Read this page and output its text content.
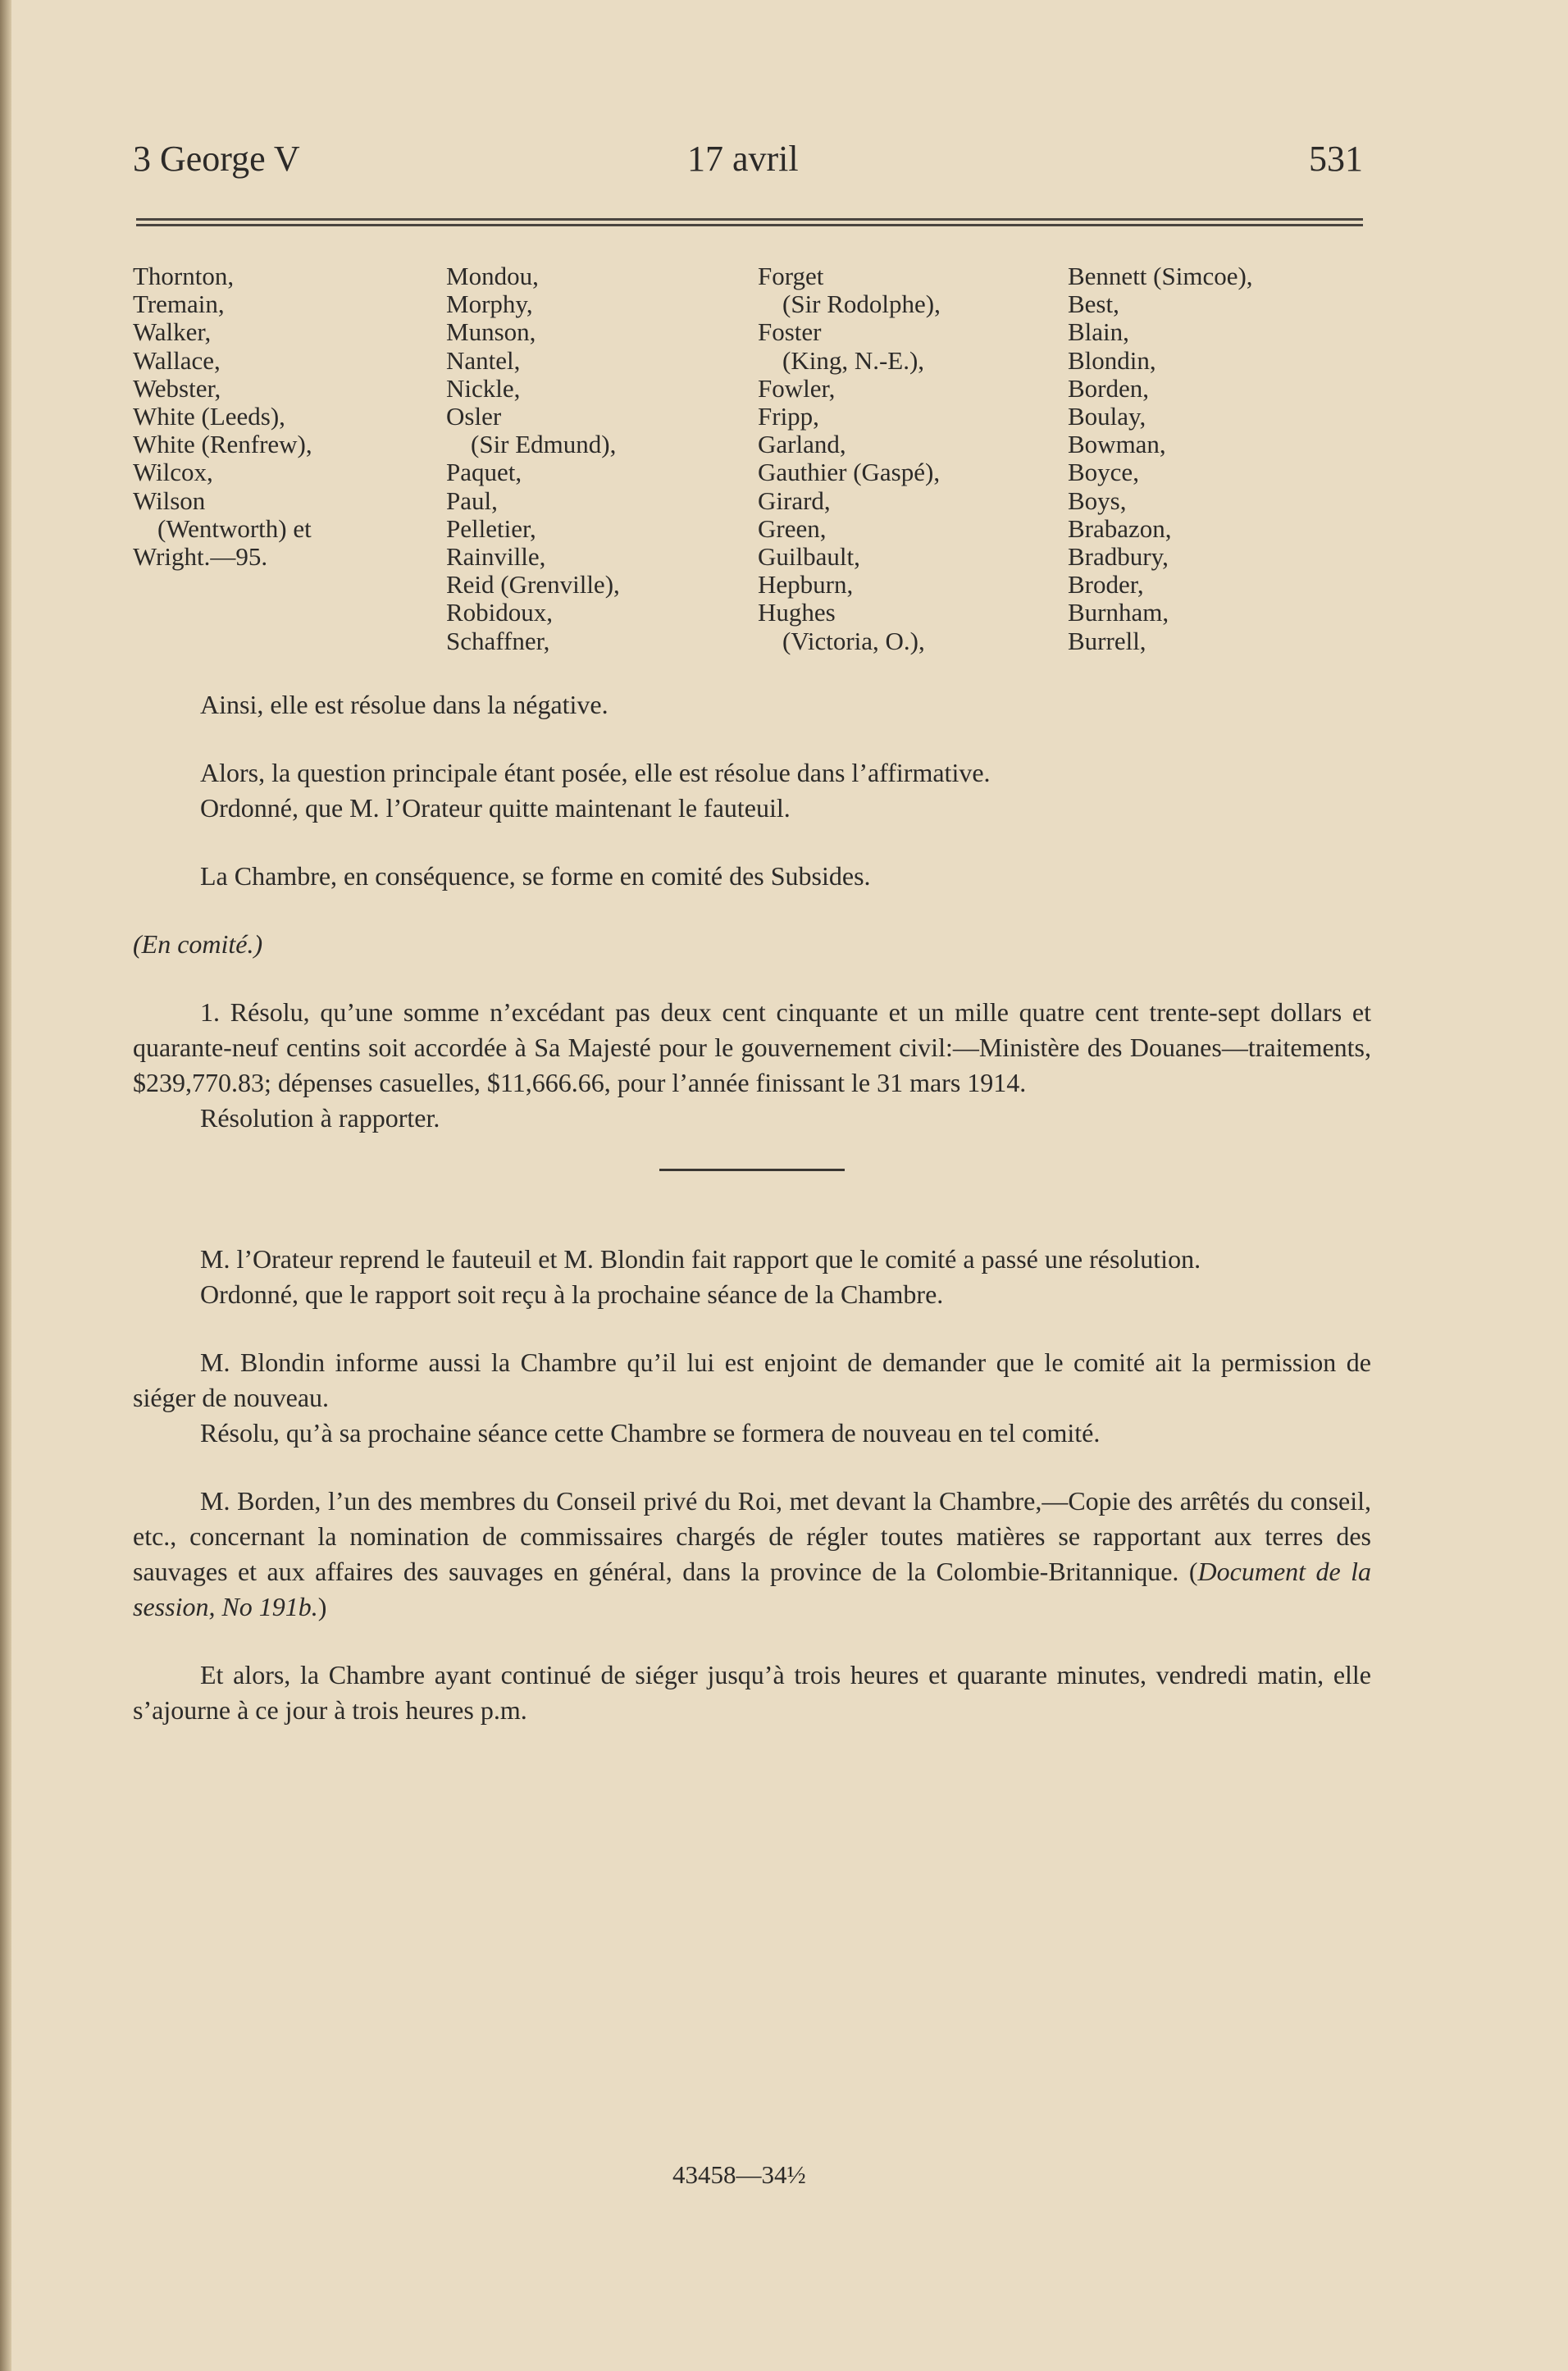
3 George V	17 avril	531
Thornton,
Tremain,
Walker,
Wallace,
Webster,
White (Leeds),
White (Renfrew),
Wilcox,
Wilson
(Wentworth) et
Wright.—95.
Mondou,
Morphy,
Munson,
Nantel,
Nickle,
Osler
(Sir Edmund),
Paquet,
Paul,
Pelletier,
Rainville,
Reid (Grenville),
Robidoux,
Schaffner,
Forget
(Sir Rodolphe),
Foster
(King, N.-E.),
Fowler,
Fripp,
Garland,
Gauthier (Gaspé),
Girard,
Green,
Guilbault,
Hepburn,
Hughes
(Victoria, O.),
Bennett (Simcoe),
Best,
Blain,
Blondin,
Borden,
Boulay,
Bowman,
Boyce,
Boys,
Brabazon,
Bradbury,
Broder,
Burnham,
Burrell,

Ainsi, elle est résolue dans la négative.

Alors, la question principale étant posée, elle est résolue dans l’affirmative.

Ordonné, que M. l’Orateur quitte maintenant le fauteuil.

La Chambre, en conséquence, se forme en comité des Subsides.

(En comité.)

1. Résolu, qu’une somme n’excédant pas deux cent cinquante et un mille quatre cent trente-sept dollars et quarante-neuf centins soit accordée à Sa Majesté pour le gouvernement civil:—Ministère des Douanes—traitements, $239,770.83; dépenses casuelles, $11,666.66, pour l’année finissant le 31 mars 1914.

Résolution à rapporter.

M. l’Orateur reprend le fauteuil et M. Blondin fait rapport que le comité a passé une résolution.

Ordonné, que le rapport soit reçu à la prochaine séance de la Chambre.

M. Blondin informe aussi la Chambre qu’il lui est enjoint de demander que le comité ait la permission de siéger de nouveau.

Résolu, qu’à sa prochaine séance cette Chambre se formera de nouveau en tel comité.

M. Borden, l’un des membres du Conseil privé du Roi, met devant la Chambre,—Copie des arrêtés du conseil, etc., concernant la nomination de commissaires chargés de régler toutes matières se rapportant aux terres des sauvages et aux affaires des sauvages en général, dans la province de la Colombie-Britannique. (Document de la session, No 191b.)

Et alors, la Chambre ayant continué de siéger jusqu’à trois heures et quarante minutes, vendredi matin, elle s’ajourne à ce jour à trois heures p.m.

43458—34½
